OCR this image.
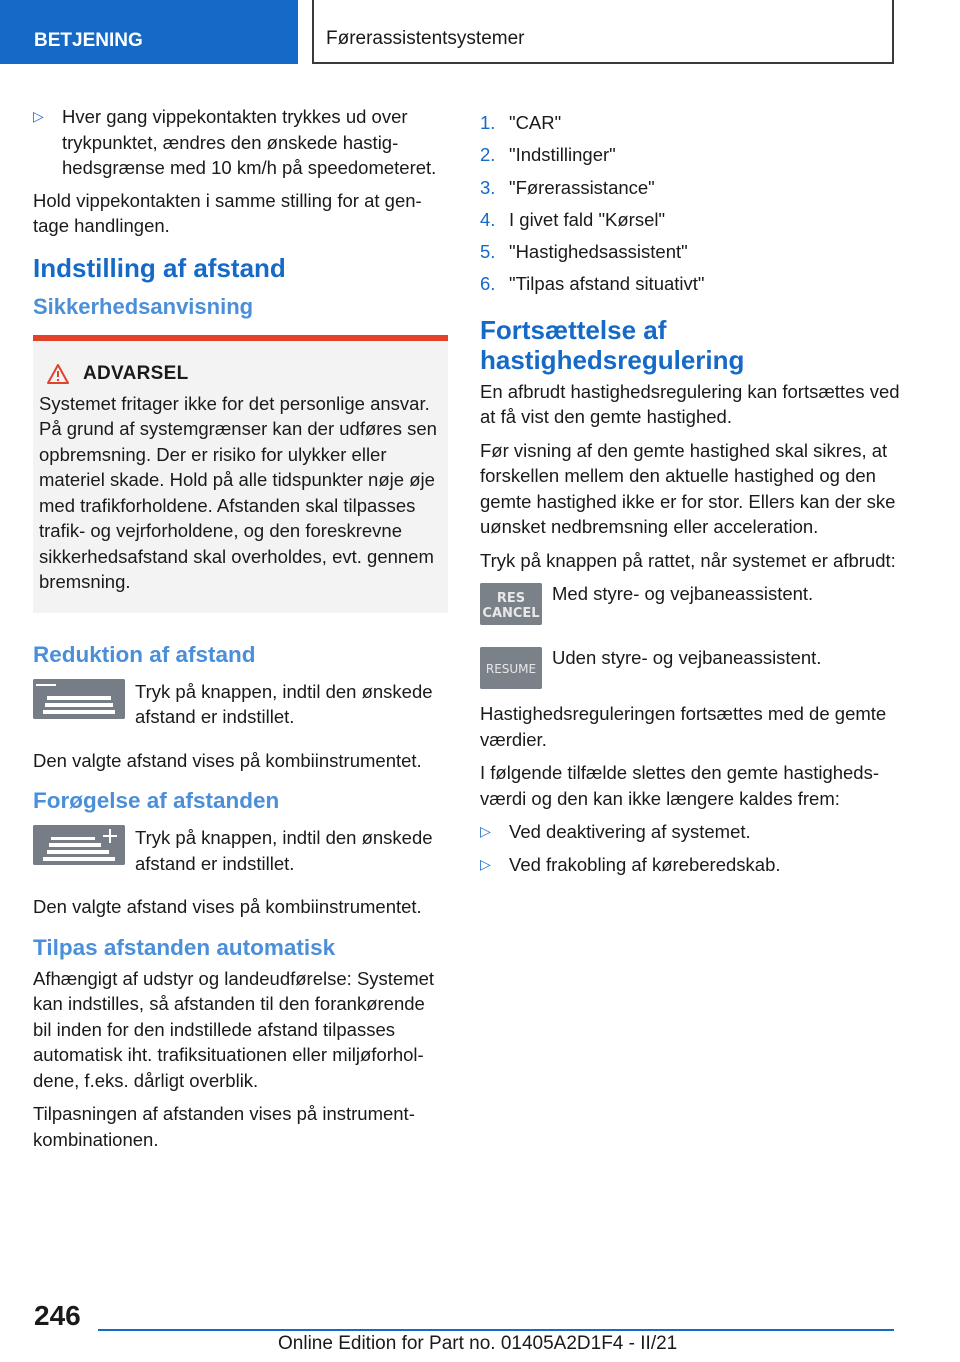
BETJENING	Førerassistentsystemer
▷ Hver gang vippekontakten trykkes ud over trykpunktet, ændres den ønskede hastighedsgrænse med 10 km/h på speedometeret.

Hold vippekontakten i samme stilling for at gentage handlingen.

Indstilling af afstand
Sikkerhedsanvisning
ADVARSEL

Systemet fritager ikke for det personlige ansvar. På grund af systemgrænser kan der udføres sen opbremsning. Der er risiko for ulykker eller materiel skade. Hold på alle tidspunkter nøje øje med trafikforholdene. Afstanden skal tilpasses trafik- og vejrforholdene, og den foreskrevne sikkerhedsafstand skal overholdes, evt. gennem bremsning.

Reduktion af afstand

Tryk på knappen, indtil den ønskede afstand er indstillet.

Den valgte afstand vises på kombiinstrumentet.

Forøgelse af afstanden

Tryk på knappen, indtil den ønskede afstand er indstillet.

Den valgte afstand vises på kombiinstrumentet.

Tilpas afstanden automatisk

Afhængigt af udstyr og landeudførelse: Systemet kan indstilles, så afstanden til den forankørende bil inden for den indstillede afstand tilpasses automatisk iht. trafiksituationen eller miljøforholdene, f.eks. dårligt overblik.

Tilpasningen af afstanden vises på instrumentkombinationen.

1. "CAR"
2. "Indstillinger"
3. "Førerassistance"
4. I givet fald "Kørsel"
5. "Hastighedsassistent"
6. "Tilpas afstand situativt"
Fortsættelse af hastighedsregulering

En afbrudt hastighedsregulering kan fortsættes ved at få vist den gemte hastighed.

Før visning af den gemte hastighed skal sikres, at forskellen mellem den aktuelle hastighed og den gemte hastighed ikke er for stor. Ellers kan der ske uønsket nedbremsning eller acceleration.

Tryk på knappen på rattet, når systemet er afbrudt:

RES
CANCEL

Med styre- og vejbaneassistent.

RESUME

Uden styre- og vejbaneassistent.

Hastighedsreguleringen fortsættes med de gemte værdier.

I følgende tilfælde slettes den gemte hastighedsværdi og den kan ikke længere kaldes frem:

▷ Ved deaktivering af systemet.
▷ Ved frakobling af køreberedskab.
246
Online Edition for Part no. 01405A2D1F4 - II/21
